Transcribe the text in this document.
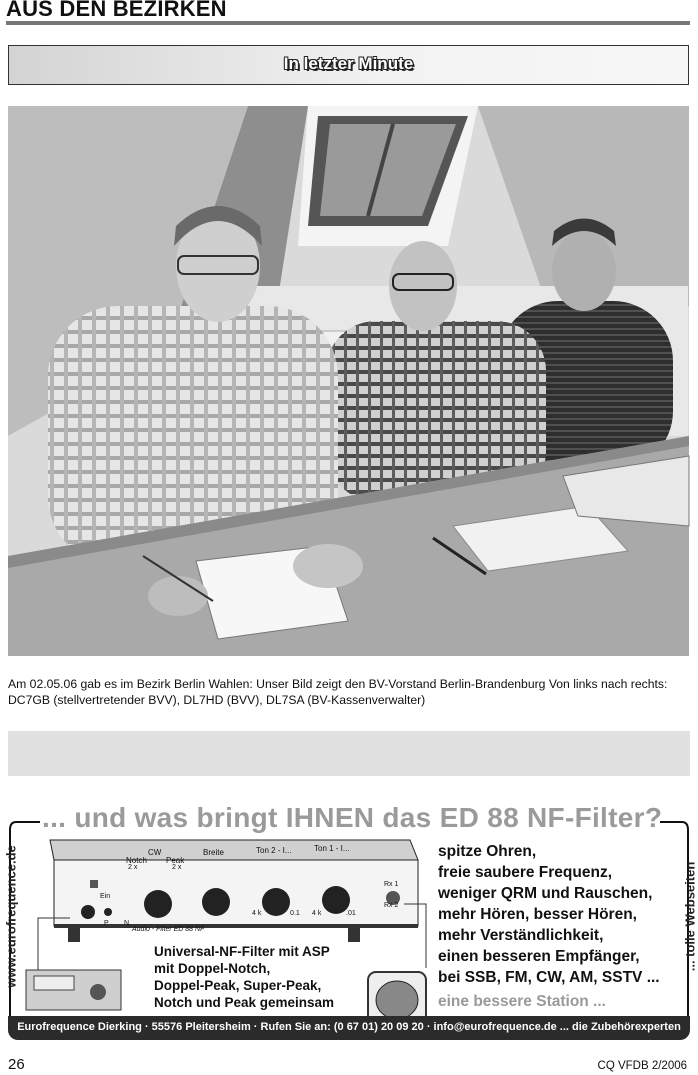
AUS DEN BEZIRKEN
In letzter Minute
Am 02.05.06 gab es im Bezirk Berlin Wahlen: Unser Bild zeigt den BV-Vorstand Berlin-Brandenburg Von links nach rechts: DC7GB (stellvertretender BVV), DL7HD (BVV), DL7SA (BV-Kassenverwalter)
... und was bringt IHNEN das ED 88 NF-Filter?
www.eurofrequence.de	... tolle Webseiten
CW
Notch Peak
2 x	2 x
Breite	Ton 2 - I...	Ton 1 - I...
4 k	0.1 4 k	.01
Ein
P N
Rx 1
Rx 2
Audio - Filter ED 88 NF
spitze Ohren,
freie saubere Frequenz,
weniger QRM und Rauschen,
mehr Hören, besser Hören,
mehr Verständlichkeit,
einen besseren Empfänger,
bei SSB, FM, CW, AM, SSTV ...
eine bessere Station ...
Universal-NF-Filter mit ASP
mit Doppel-Notch,
Doppel-Peak, Super-Peak,
Notch und Peak gemeinsam
Eurofrequence Dierking · 55576 Pleitersheim · Rufen Sie an: (0 67 01) 20 09 20 · info@eurofrequence.de ... die Zubehörexperten
26	CQ VFDB 2/2006
